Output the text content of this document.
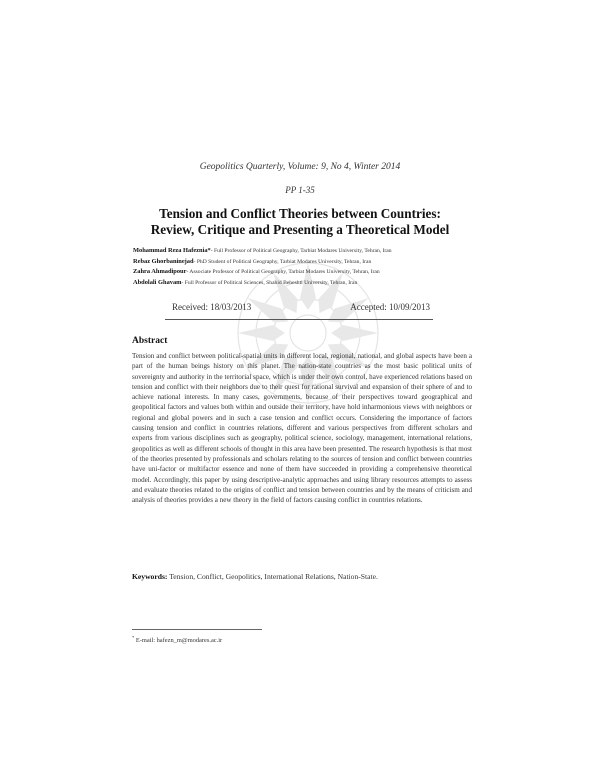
Geopolitics Quarterly, Volume: 9, No 4, Winter 2014
PP 1-35
Tension and Conflict Theories between Countries:
Review, Critique and Presenting a Theoretical Model
Mohammad Reza Hafeznia*- Full Professor of Political Geography, Tarbiat Modares University, Tehran, Iran
Rebaz Ghorbaninejad- PhD Student of Political Geography, Tarbiat Modares University, Tehran, Iran
Zahra Ahmadipour- Associate Professor of Political Geography, Tarbiat Modares University, Tehran, Iran
Abdolali Ghavam- Full Professor of Political Sciences, Shahid Beheshti University, Tehran, Iran
Received: 18/03/2013	Accepted: 10/09/2013
Abstract
Tension and conflict between political-spatial units in different local, regional, national, and global aspects have been a part of the human beings history on this planet. The nation-state countries as the most basic political units of sovereignty and authority in the territorial space, which is under their own control, have experienced relations based on tension and conflict with their neighbors due to their quest for rational survival and expansion of their sphere of and to achieve national interests. In many cases, governments, because of their perspectives toward geographical and geopolitical factors and values both within and outside their territory, have hold inharmonious views with neighbors or regional and global powers and in such a case tension and conflict occurs. Considering the importance of factors causing tension and conflict in countries relations, different and various perspectives from different scholars and experts from various disciplines such as geography, political science, sociology, management, international relations, geopolitics as well as different schools of thought in this area have been presented. The research hypothesis is that most of the theories presented by professionals and scholars relating to the sources of tension and conflict between countries have uni-factor or multifactor essence and none of them have succeeded in providing a comprehensive theoretical model. Accordingly, this paper by using descriptive-analytic approaches and using library resources attempts to assess and evaluate theories related to the origins of conflict and tension between countries and by the means of criticism and analysis of theories provides a new theory in the field of factors causing conflict in countries relations.
Keywords: Tension, Conflict, Geopolitics, International Relations, Nation-State.
* E-mail: hafezn_m@modares.ac.ir
